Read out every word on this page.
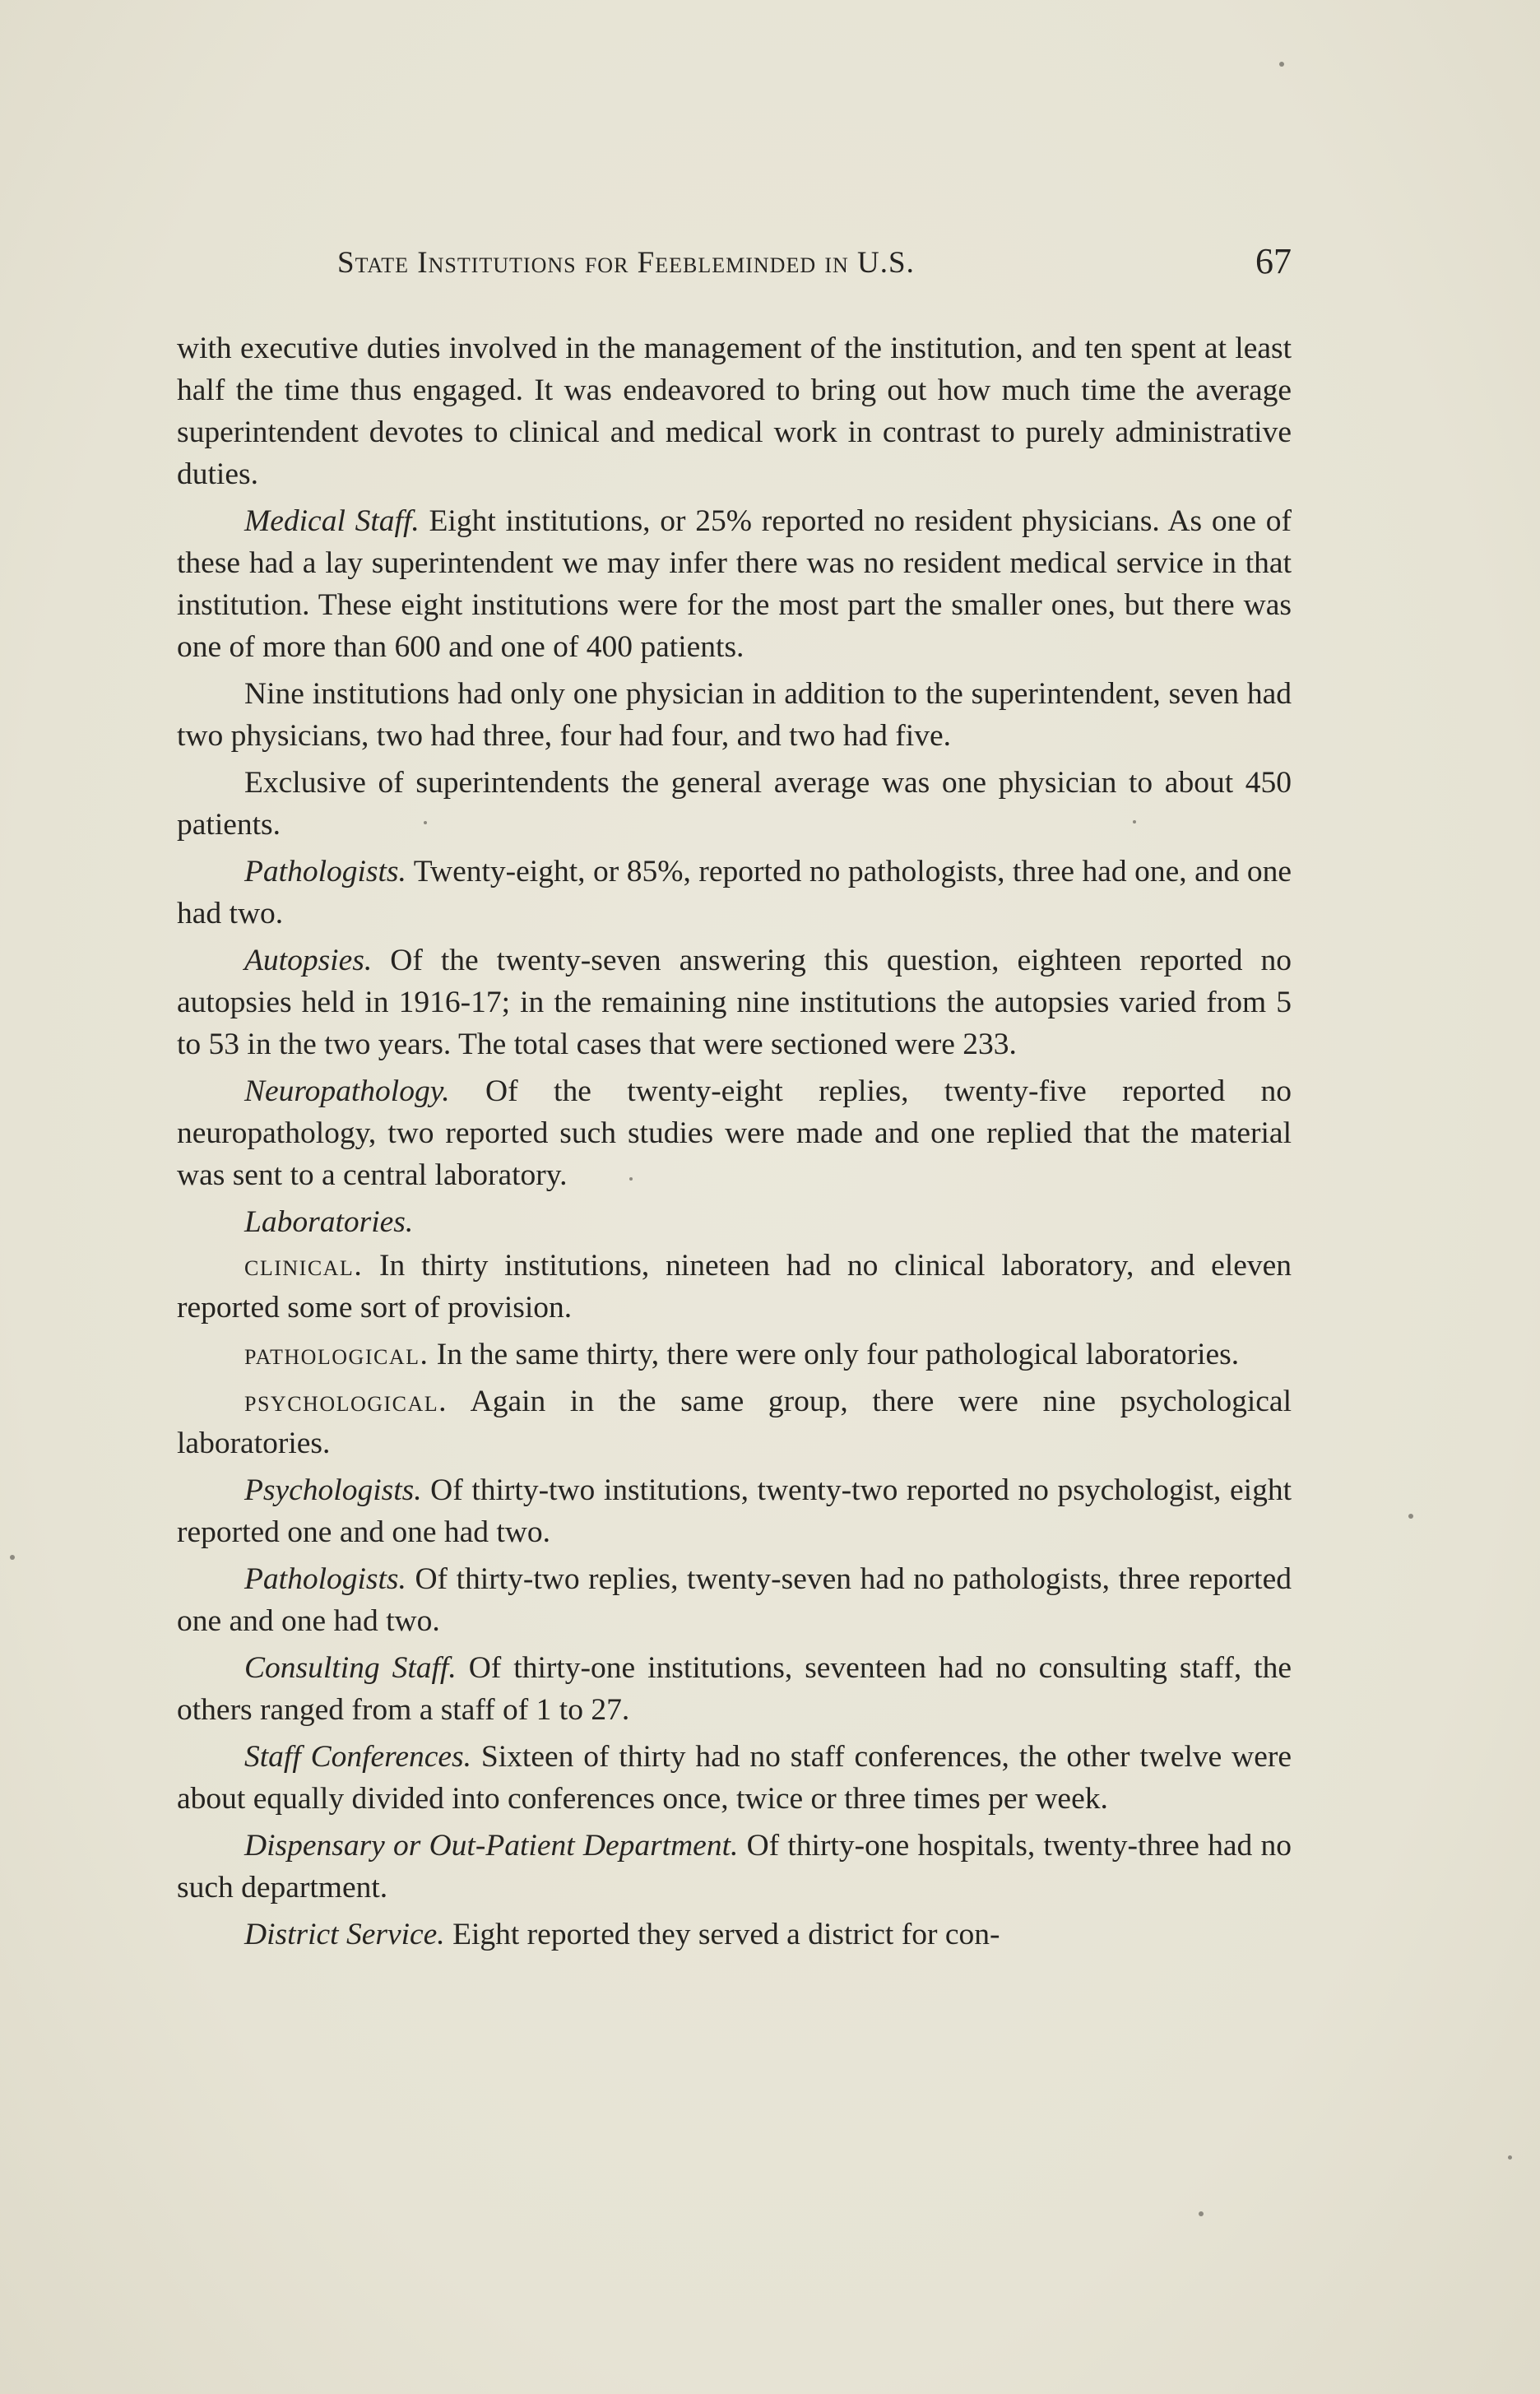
State Institutions for Feebleminded in U.S.	67

with executive duties involved in the management of the institution, and ten spent at least half the time thus engaged. It was endeavored to bring out how much time the average superintendent devotes to clinical and medical work in contrast to purely administrative duties.

Medical Staff. Eight institutions, or 25% reported no resident physicians. As one of these had a lay superintendent we may infer there was no resident medical service in that institution. These eight institutions were for the most part the smaller ones, but there was one of more than 600 and one of 400 patients.

Nine institutions had only one physician in addition to the superintendent, seven had two physicians, two had three, four had four, and two had five.

Exclusive of superintendents the general average was one physician to about 450 patients.

Pathologists. Twenty-eight, or 85%, reported no pathologists, three had one, and one had two.

Autopsies. Of the twenty-seven answering this question, eighteen reported no autopsies held in 1916-17; in the remaining nine institutions the autopsies varied from 5 to 53 in the two years. The total cases that were sectioned were 233.

Neuropathology. Of the twenty-eight replies, twenty-five reported no neuropathology, two reported such studies were made and one replied that the material was sent to a central laboratory.

Laboratories.

clinical. In thirty institutions, nineteen had no clinical laboratory, and eleven reported some sort of provision.

pathological. In the same thirty, there were only four pathological laboratories.

psychological. Again in the same group, there were nine psychological laboratories.

Psychologists. Of thirty-two institutions, twenty-two reported no psychologist, eight reported one and one had two.

Pathologists. Of thirty-two replies, twenty-seven had no pathologists, three reported one and one had two.

Consulting Staff. Of thirty-one institutions, seventeen had no consulting staff, the others ranged from a staff of 1 to 27.

Staff Conferences. Sixteen of thirty had no staff conferences, the other twelve were about equally divided into conferences once, twice or three times per week.

Dispensary or Out-Patient Department. Of thirty-one hospitals, twenty-three had no such department.

District Service. Eight reported they served a district for con-
